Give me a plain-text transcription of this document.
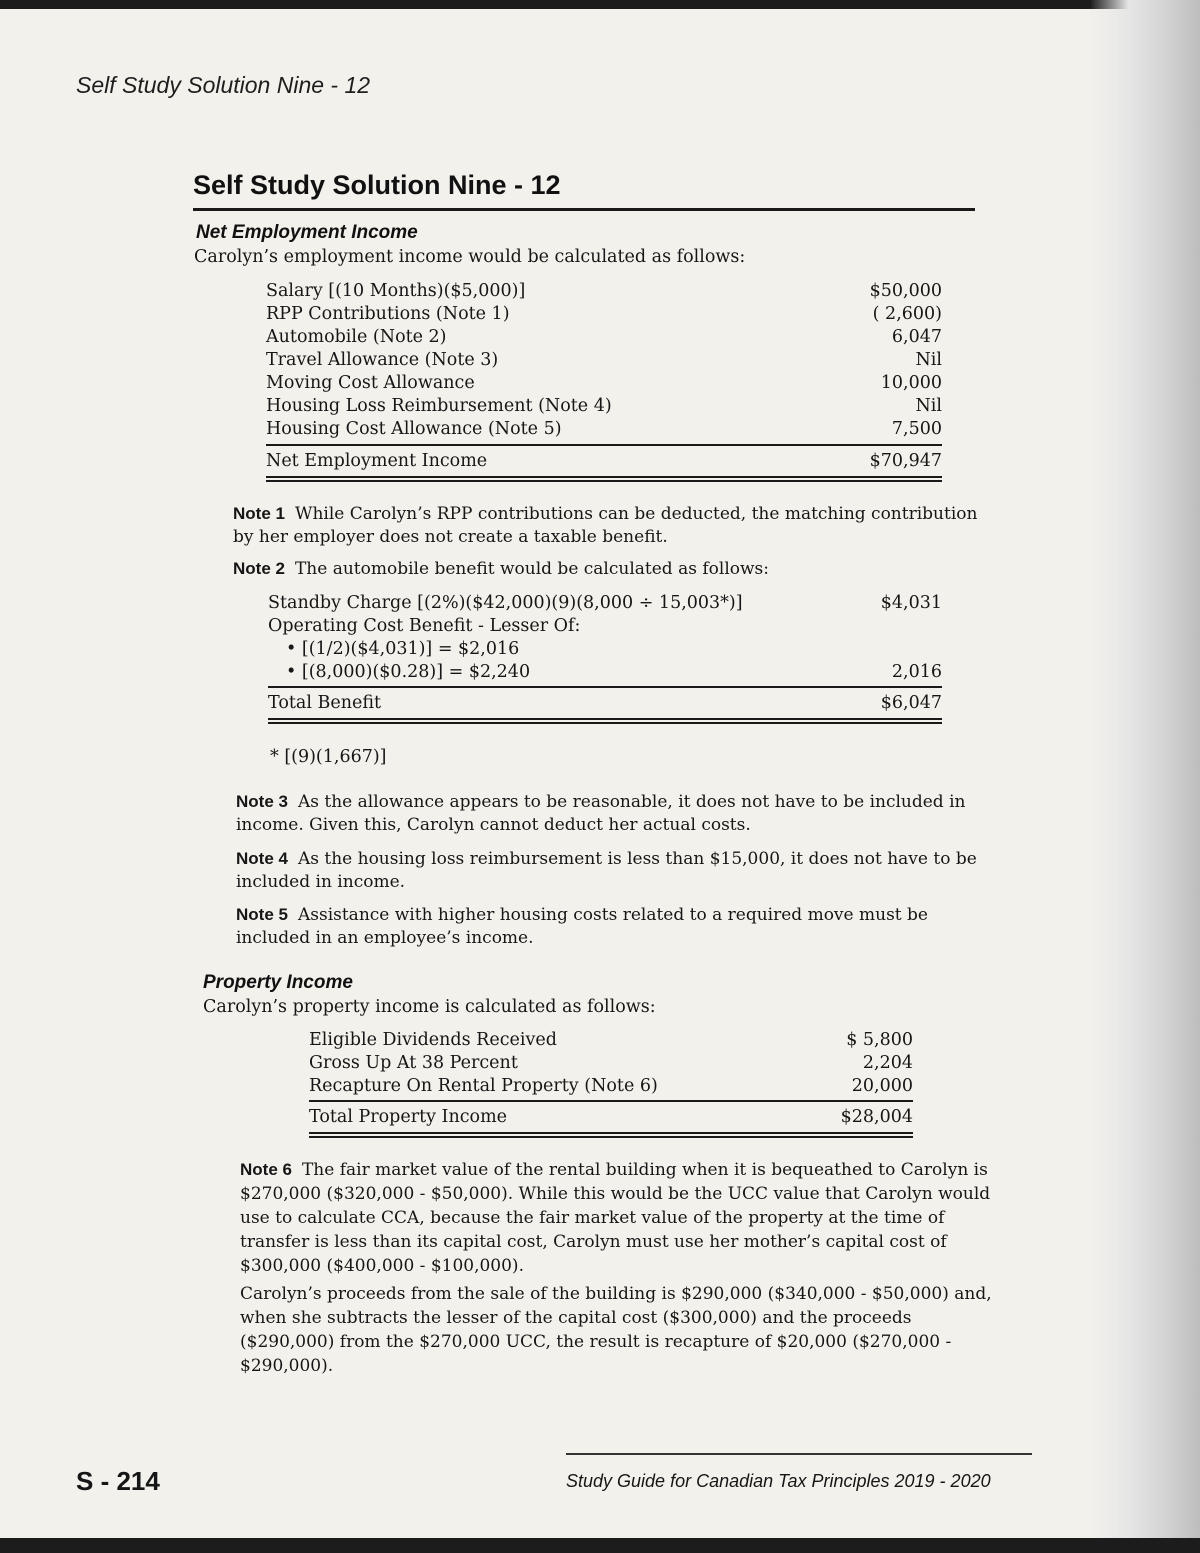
Self Study Solution Nine - 12
Self Study Solution Nine - 12
Net Employment Income
Carolyn’s employment income would be calculated as follows:
Salary [(10 Months)($5,000)]	$50,000
RPP Contributions (Note 1)	( 2,600)
Automobile (Note 2)	6,047
Travel Allowance (Note 3)	Nil
Moving Cost Allowance	10,000
Housing Loss Reimbursement (Note 4)	Nil
Housing Cost Allowance (Note 5)	7,500
Net Employment Income	$70,947
Note 1 While Carolyn’s RPP contributions can be deducted, the matching contribution by her employer does not create a taxable benefit.
Note 2 The automobile benefit would be calculated as follows:
Standby Charge [(2%)($42,000)(9)(8,000 ÷ 15,003*)]	$4,031
Operating Cost Benefit - Lesser Of:
• [(1/2)($4,031)] = $2,016
• [(8,000)($0.28)] = $2,240	2,016
Total Benefit	$6,047
* [(9)(1,667)]
Note 3 As the allowance appears to be reasonable, it does not have to be included in income. Given this, Carolyn cannot deduct her actual costs.
Note 4 As the housing loss reimbursement is less than $15,000, it does not have to be included in income.
Note 5 Assistance with higher housing costs related to a required move must be included in an employee’s income.
Property Income
Carolyn’s property income is calculated as follows:
Eligible Dividends Received	$ 5,800
Gross Up At 38 Percent	2,204
Recapture On Rental Property (Note 6)	20,000
Total Property Income	$28,004
Note 6 The fair market value of the rental building when it is bequeathed to Carolyn is $270,000 ($320,000 - $50,000). While this would be the UCC value that Carolyn would use to calculate CCA, because the fair market value of the property at the time of transfer is less than its capital cost, Carolyn must use her mother’s capital cost of $300,000 ($400,000 - $100,000).
Carolyn’s proceeds from the sale of the building is $290,000 ($340,000 - $50,000) and, when she subtracts the lesser of the capital cost ($300,000) and the proceeds ($290,000) from the $270,000 UCC, the result is recapture of $20,000 ($270,000 - $290,000).
S - 214	Study Guide for Canadian Tax Principles 2019 - 2020
